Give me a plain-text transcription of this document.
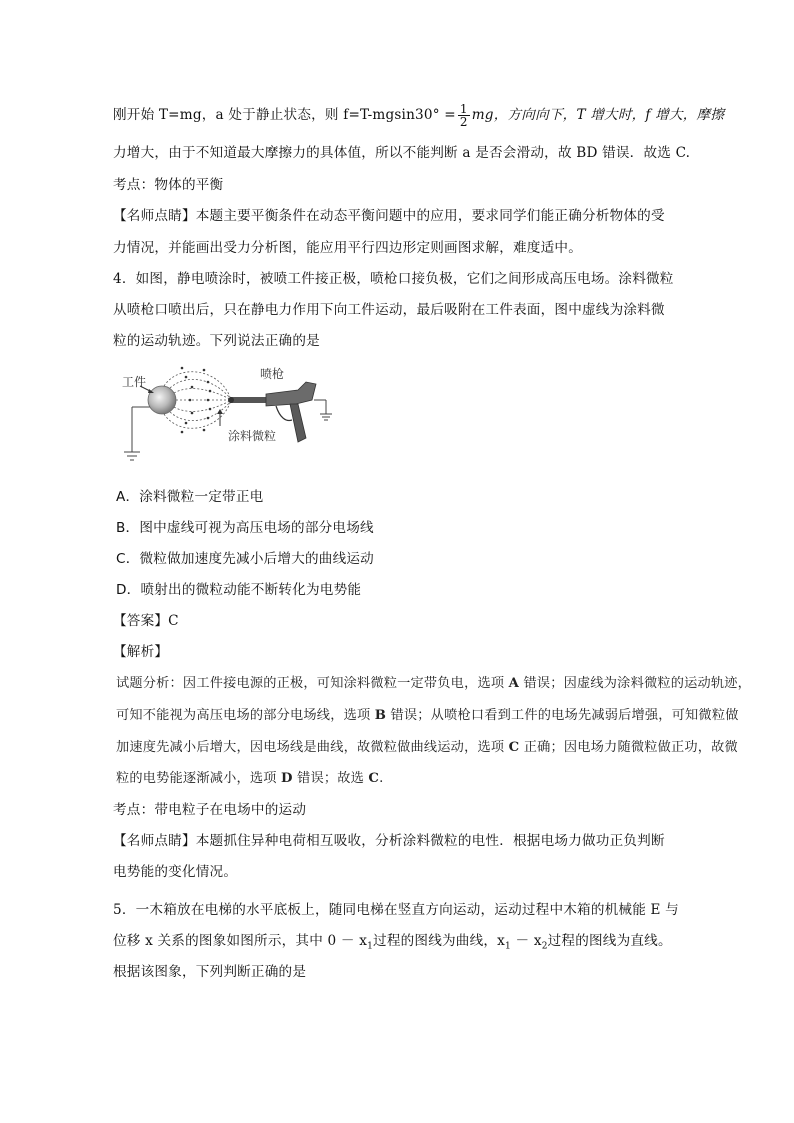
刚开始 T=mg，a 处于静止状态，则 $f=T-mgsin30^\circ = \frac{1}{2}$ mg，方向向下，T 增大时，f 增大，摩擦
力增大，由于不知道最大摩擦力的具体值，所以不能判断 a 是否会滑动，故 BD 错误．故选 C.
考点：物体的平衡
【名师点睛】本题主要平衡条件在动态平衡问题中的应用，要求同学们能正确分析物体的受
力情况，并能画出受力分析图，能应用平行四边形定则画图求解，难度适中。
4．如图，静电喷涂时，被喷工件接正极，喷枪口接负极，它们之间形成高压电场。涂料微粒
从喷枪口喷出后，只在静电力作用下向工件运动，最后吸附在工件表面，图中虚线为涂料微
粒的运动轨迹。下列说法正确的是
工件
喷枪
涂料微粒
A．涂料微粒一定带正电
B．图中虚线可视为高压电场的部分电场线
C．微粒做加速度先减小后增大的曲线运动
D．喷射出的微粒动能不断转化为电势能
【答案】C
【解析】
试题分析：因工件接电源的正极，可知涂料微粒一定带负电，选项 A 错误；因虚线为涂料微粒的运动轨迹，
可知不能视为高压电场的部分电场线，选项 B 错误；从喷枪口看到工件的电场先减弱后增强，可知微粒做
加速度先减小后增大，因电场线是曲线，故微粒做曲线运动，选项 C 正确；因电场力随微粒做正功，故微
粒的电势能逐渐减小，选项 D 错误；故选 C.
考点：带电粒子在电场中的运动
【名师点睛】本题抓住异种电荷相互吸收，分析涂料微粒的电性．根据电场力做功正负判断
电势能的变化情况。
5．一木箱放在电梯的水平底板上，随同电梯在竖直方向运动，运动过程中木箱的机械能 E 与
位移 x 关系的图象如图所示，其中 $0 - x_1$过程的图线为曲线，$x_1 - x_2$过程的图线为直线。
根据该图象，下列判断正确的是
